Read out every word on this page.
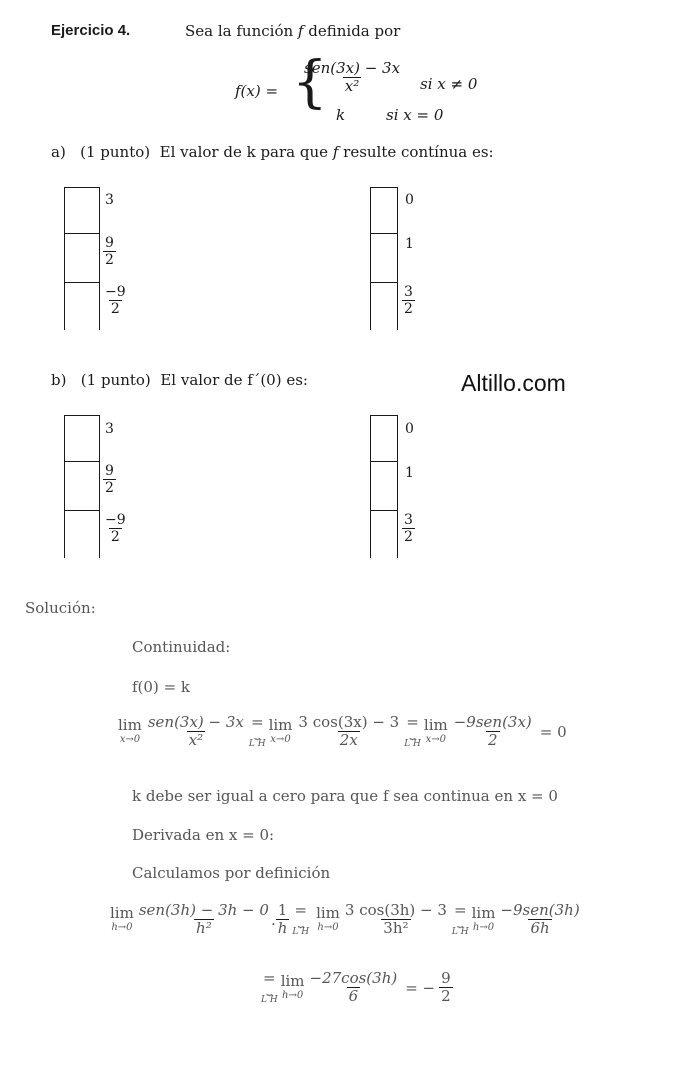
Ejercicio 4.	Sea la función f definida por
f(x) = {
$\frac{\text{sen(3x) − 3x}}{\text{x²}}$ si x ≠ 0
k	si x = 0
a) (1 punto) El valor de k para que f resulte contínua es:
3
$\frac{9}{2}$
$\frac{-9}{2}$
0
1
$\frac{3}{2}$
b) (1 punto) El valor de f´(0) es:	Altillo.com
3
$\frac{9}{2}$
$\frac{-9}{2}$
0
1
$\frac{3}{2}$
Solución:
Continuidad:
f(0) = k
lim
$x\to 0 \frac{\text{sen(3x) − 3x}}{\text{x²}}$ =
⏟
L H
lim
$x\to 0 \frac{3 \cos(3x) - 3}{2x}$ =
⏟
L H
lim
$x\to 0 \frac{\text{−9sen(3x)}}{2} = 0$
k debe ser igual a cero para que f sea continua en x = 0
Derivada en x = 0:
Calculamos por definición
lim
$h\to 0 \frac{\text{sen(3h) − 3h − 0}}{\text{h²}}$ . $\frac{1}{h}$ =
⏟
L H
lim
$h\to 0 \frac{3 \cos(3h) - 3}{\text{3h²}}$ =
⏟
L H
lim
$h\to 0 \frac{\text{−9sen(3h)}}{6h}$
=
⏟
L H
lim
$h\to 0 \frac{-27\cos(3h)}{6}$ = − $\frac{9}{2}$
